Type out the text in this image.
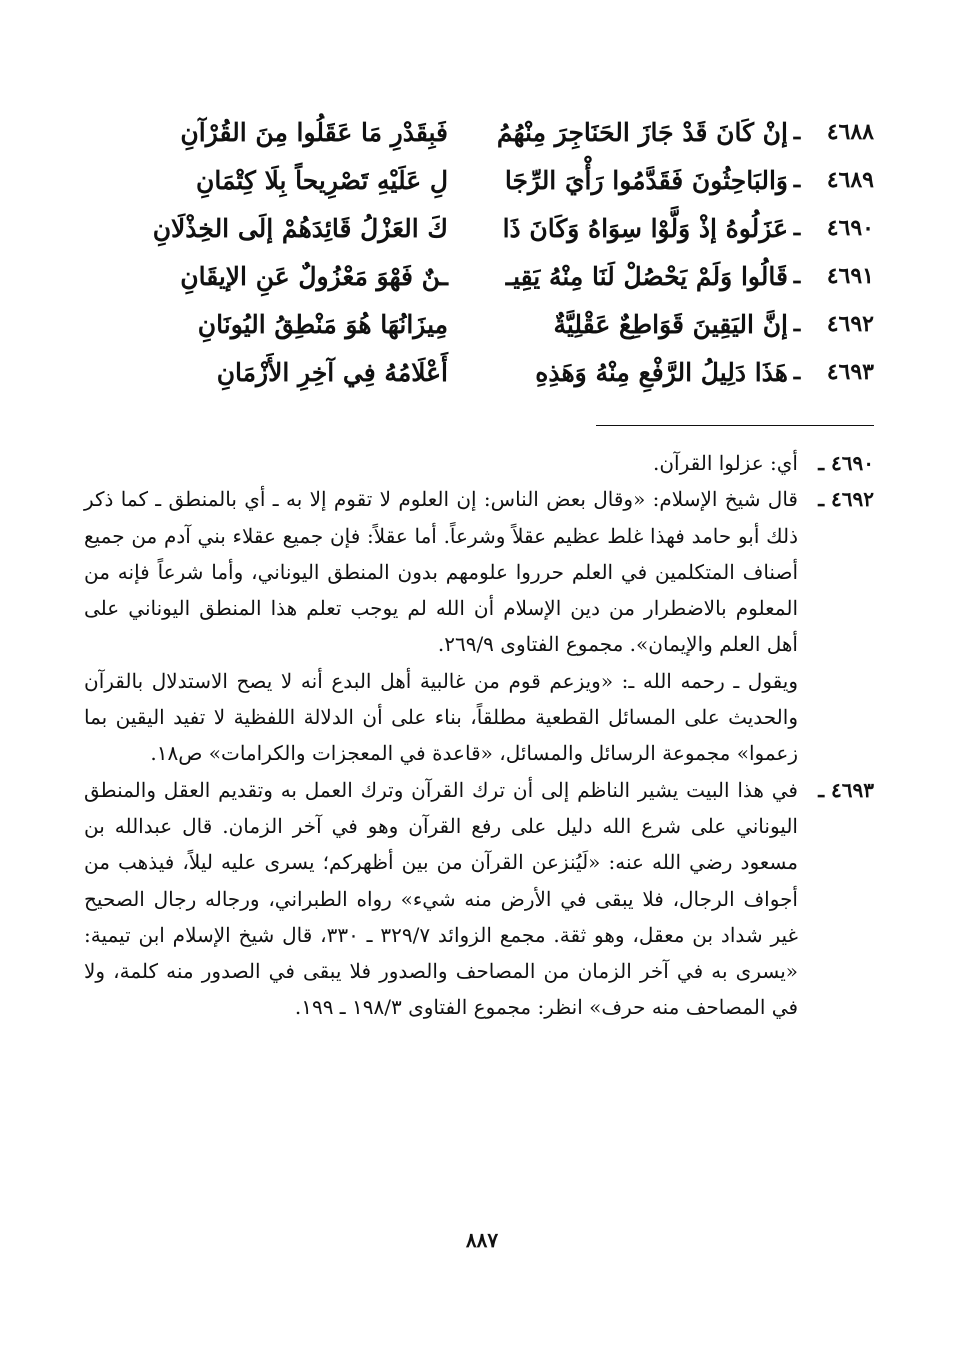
٤٦٨٨
ـ
إنْ كَانَ قَدْ جَازَ الحَنَاجِرَ مِنْهُمُ
فَبِقَدْرِ مَا عَقَلُوا مِنَ القُرْآنِ
٤٦٨٩
ـ
وَالبَاحِثُونَ فَقَدَّمُوا رَأْيَ الرِّجَا
لِ عَلَيْهِ تَصْرِيحاً بِلَا كِتْمَانِ
٤٦٩٠
ـ
عَزَلُوهُ إذْ وَلَّوْا سِوَاهُ وَكَانَ ذَا
كَ العَزْلُ قَائِدَهُمْ إلَى الخِذْلَانِ
٤٦٩١
ـ
قَالُوا وَلَمْ يَحْصُلْ لَنَا مِنْهُ يَقِيـ
ـنٌ فَهْوَ مَعْزُولٌ عَنِ الإيقَانِ
٤٦٩٢
ـ
إنَّ اليَقِينَ قَوَاطِعٌ عَقْلِيَّةٌ
مِيزَانُهَا هُوَ مَنْطِقُ اليُونَانِ
٤٦٩٣
ـ
هَذَا دَلِيلُ الرَّفْعِ مِنْهُ وَهَذِهِ
أَعْلَامُهُ فِي آخِرِ الأَزْمَانِ
٤٦٩٠ ـ

أي: عزلوا القرآن.

٤٦٩٢ ـ

قال شيخ الإسلام: «وقال بعض الناس: إن العلوم لا تقوم إلا به ـ أي بالمنطق ـ كما ذكر ذلك أبو حامد فهذا غلط عظيم عقلاً وشرعاً. أما عقلاً: فإن جميع عقلاء بني آدم من جميع أصناف المتكلمين في العلم حرروا علومهم بدون المنطق اليوناني، وأما شرعاً فإنه من المعلوم بالاضطرار من دين الإسلام أن الله لم يوجب تعلم هذا المنطق اليوناني على أهل العلم والإيمان». مجموع الفتاوى ٢٦٩/٩.

ويقول ـ رحمه الله ـ: «ويزعم قوم من غالبية أهل البدع أنه لا يصح الاستدلال بالقرآن والحديث على المسائل القطعية مطلقاً، بناء على أن الدلالة اللفظية لا تفيد اليقين بما زعموا» مجموعة الرسائل والمسائل، «قاعدة في المعجزات والكرامات» ص١٨.

٤٦٩٣ ـ

في هذا البيت يشير الناظم إلى أن ترك القرآن وترك العمل به وتقديم العقل والمنطق اليوناني على شرع الله دليل على رفع القرآن وهو في آخر الزمان. قال عبدالله بن مسعود رضي الله عنه: «لَيُنزعن القرآن من بين أظهركم؛ يسرى عليه ليلاً، فيذهب من أجواف الرجال، فلا يبقى في الأرض منه شيء» رواه الطبراني، ورجاله رجال الصحيح غير شداد بن معقل، وهو ثقة. مجمع الزوائد ٣٢٩/٧ ـ ٣٣٠، قال شيخ الإسلام ابن تيمية: «يسرى به في آخر الزمان من المصاحف والصدور فلا يبقى في الصدور منه كلمة، ولا في المصاحف منه حرف» انظر: مجموع الفتاوى ١٩٨/٣ ـ ١٩٩.

٨٨٧
